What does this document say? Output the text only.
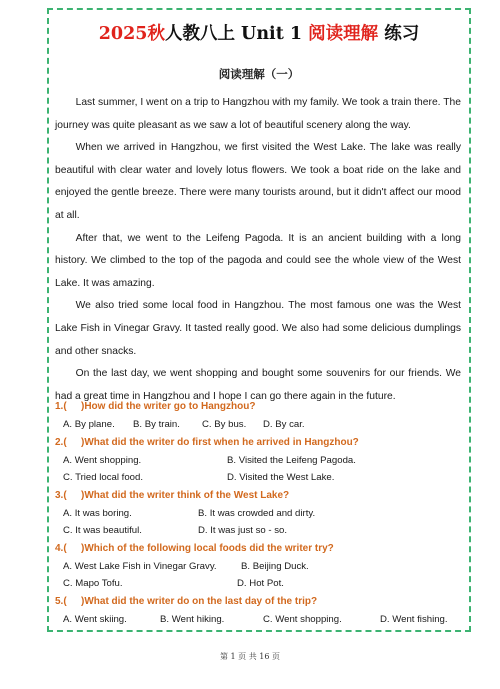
2025秋人教八上 Unit 1 阅读理解 练习
阅读理解（一）

Last summer, I went on a trip to Hangzhou with my family. We took a train there. The journey was quite pleasant as we saw a lot of beautiful scenery along the way.

When we arrived in Hangzhou, we first visited the West Lake. The lake was really beautiful with clear water and lovely lotus flowers. We took a boat ride on the lake and enjoyed the gentle breeze. There were many tourists around, but it didn't affect our mood at all.

After that, we went to the Leifeng Pagoda. It is an ancient building with a long history. We climbed to the top of the pagoda and could see the whole view of the West Lake. It was amazing.

We also tried some local food in Hangzhou. The most famous one was the West Lake Fish in Vinegar Gravy. It tasted really good. We also had some delicious dumplings and other snacks.

On the last day, we went shopping and bought some souvenirs for our friends. We had a great time in Hangzhou and I hope I can go there again in the future.

1.( )How did the writer go to Hangzhou?
A. By plane. B. By train. C. By bus. D. By car.
2.( )What did the writer do first when he arrived in Hangzhou?
A. Went shopping.	B. Visited the Leifeng Pagoda.
C. Tried local food.	D. Visited the West Lake.
3.( )What did the writer think of the West Lake?
A. It was boring.	B. It was crowded and dirty.
C. It was beautiful.	D. It was just so - so.
4.( )Which of the following local foods did the writer try?
A. West Lake Fish in Vinegar Gravy.	B. Beijing Duck.
C. Mapo Tofu.	D. Hot Pot.
5.( )What did the writer do on the last day of the trip?
A. Went skiing.	B. Went hiking.	C. Went shopping.	D. Went fishing.
第 1 页 共 16 页
